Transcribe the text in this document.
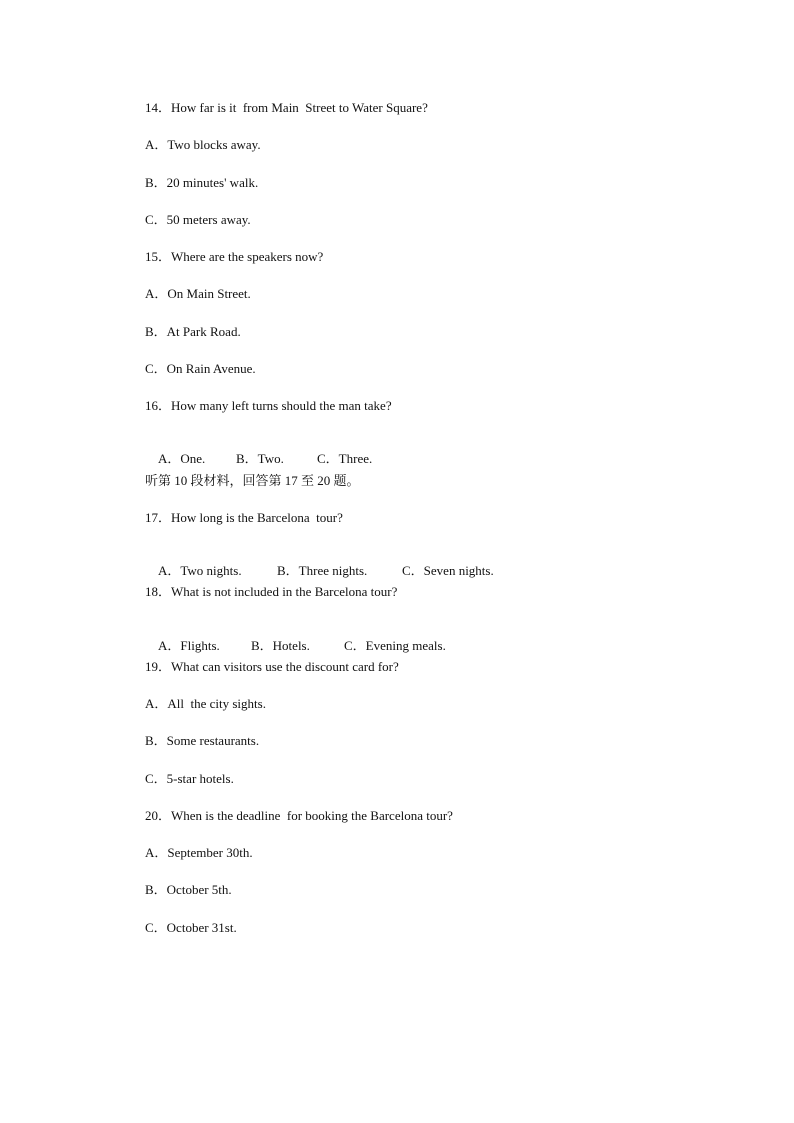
14．How far is it  from Main  Street to Water Square?
A．Two blocks away.
B．20 minutes' walk.
C．50 meters away.
15．Where are the speakers now?
A．On Main Street.
B．At Park Road.
C．On Rain Avenue.
16．How many left turns should the man take?

A．One. B．Two.	C．Three.

听第 10 段材料，回答第 17 至 20 题。
17．How long is the Barcelona  tour?

A．Two nights.	B．Three nights.	C．Seven nights.

18．What is not included in the Barcelona tour?

A．Flights. B．Hotels.	C．Evening meals.

19．What can visitors use the discount card for?
A．All  the city sights.
B．Some restaurants.
C．5-star hotels.
20．When is the deadline  for booking the Barcelona tour?
A．September 30th.
B．October 5th.
C．October 31st.
